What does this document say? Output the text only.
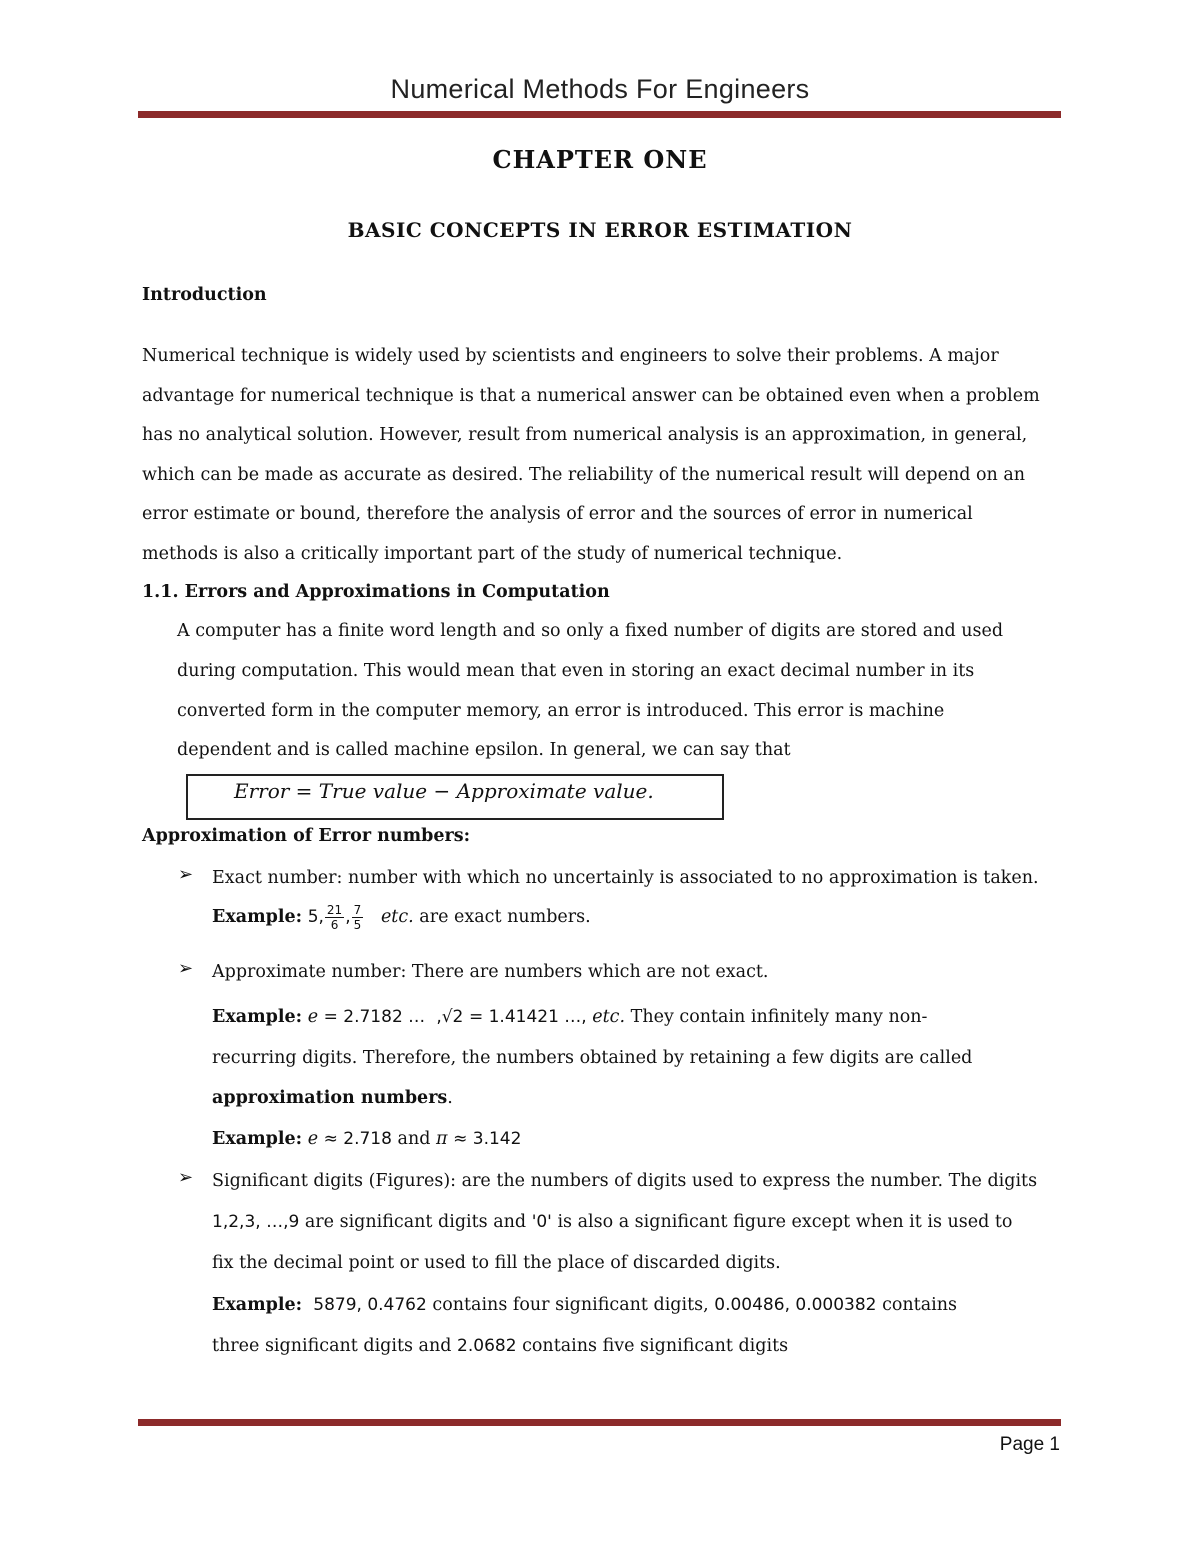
Numerical Methods For Engineers
CHAPTER ONE
BASIC CONCEPTS IN ERROR ESTIMATION
Introduction
Numerical technique is widely used by scientists and engineers to solve their problems. A major
advantage for numerical technique is that a numerical answer can be obtained even when a problem
has no analytical solution. However, result from numerical analysis is an approximation, in general,
which can be made as accurate as desired. The reliability of the numerical result will depend on an
error estimate or bound, therefore the analysis of error and the sources of error in numerical
methods is also a critically important part of the study of numerical technique.
1.1. Errors and Approximations in Computation
A computer has a finite word length and so only a fixed number of digits are stored and used
during computation. This would mean that even in storing an exact decimal number in its
converted form in the computer memory, an error is introduced. This error is machine
dependent and is called machine epsilon. In general, we can say that
Error = True value − Approximate value.
Approximation of Error numbers:
➢ Exact number: number with which no uncertainly is associated to no approximation is taken.
Example: 5, $\frac{21}{6}$ , $\frac{7}{5}$ etc. are exact numbers.
➢ Approximate number: There are numbers which are not exact.
Example: e = 2.7182 … ,√2 = 1.41421 …, etc. They contain infinitely many non-
recurring digits. Therefore, the numbers obtained by retaining a few digits are called
approximation numbers.
Example: e ≈ 2.718 and π ≈ 3.142
➢ Significant digits (Figures): are the numbers of digits used to express the number. The digits
1,2,3, …,9 are significant digits and '0' is also a significant figure except when it is used to
fix the decimal point or used to fill the place of discarded digits.
Example: 5879, 0.4762 contains four significant digits, 0.00486, 0.000382 contains
three significant digits and 2.0682 contains five significant digits
Page 1
